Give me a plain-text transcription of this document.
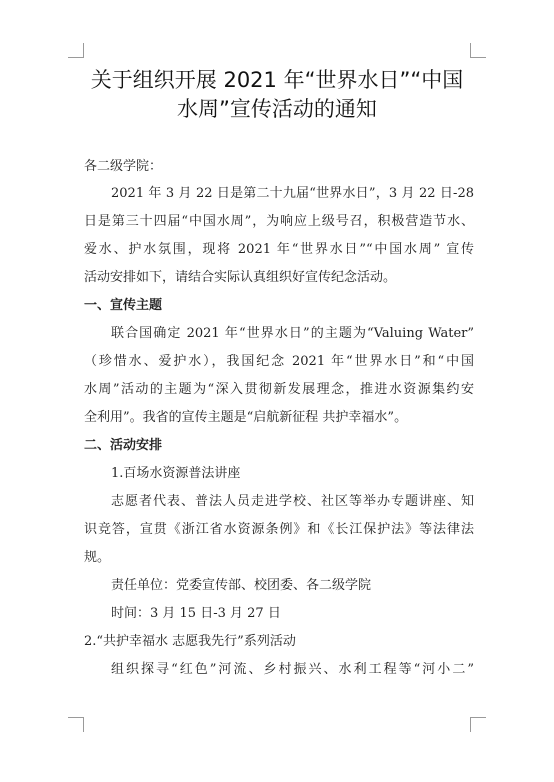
关于组织开展 2021 年“世界水日”“中国
水周”宣传活动的通知
各二级学院：
2021 年 3 月 22 日是第二十九届“世界水日”，3 月 22 日-28
日是第三十四届“中国水周”，为响应上级号召，积极营造节水、
爱水、护水氛围，现将 2021 年“世界水日”“中国水周” 宣传
活动安排如下，请结合实际认真组织好宣传纪念活动。
一、宣传主题
联合国确定 2021 年“世界水日”的主题为“Valuing Water”
（珍惜水、爱护水），我国纪念 2021 年“世界水日”和“中国
水周”活动的主题为“深入贯彻新发展理念，推进水资源集约安
全利用”。我省的宣传主题是“启航新征程 共护幸福水”。
二、活动安排
1.百场水资源普法讲座
志愿者代表、普法人员走进学校、社区等举办专题讲座、知
识竞答，宣贯《浙江省水资源条例》和《长江保护法》等法律法
规。
责任单位：党委宣传部、校团委、各二级学院
时间：3 月 15 日-3 月 27 日
2.“共护幸福水 志愿我先行”系列活动
组织探寻“红色”河流、乡村振兴、水利工程等“河小二”
